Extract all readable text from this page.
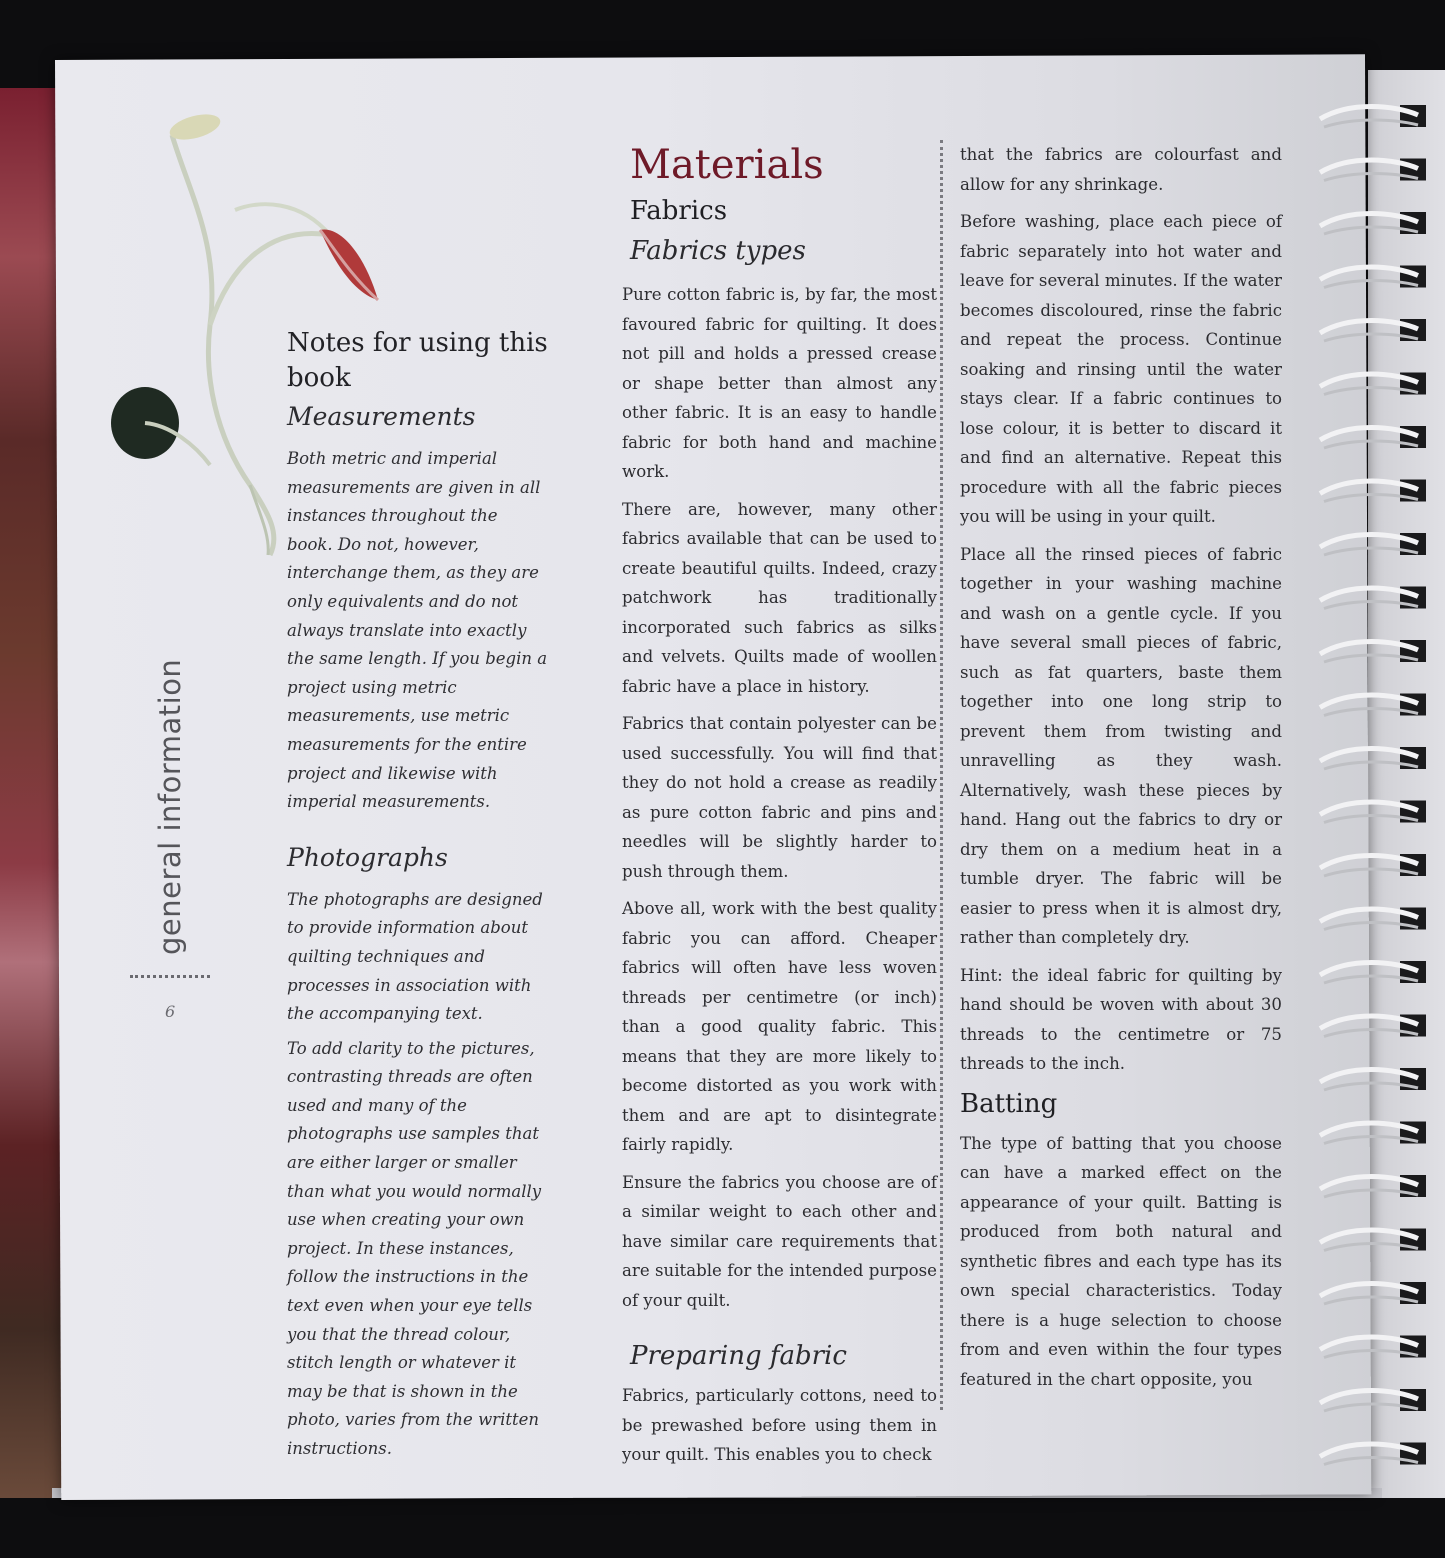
general information
6
Notes for using this book
Measurements

Both metric and imperial measurements are given in all instances throughout the book. Do not, however, interchange them, as they are only equivalents and do not always translate into exactly the same length. If you begin a project using metric measurements, use metric measurements for the entire project and likewise with imperial measurements.

Photographs

The photographs are designed to provide information about quilting techniques and processes in association with the accompanying text.

To add clarity to the pictures, contrasting threads are often used and many of the photographs use samples that are either larger or smaller than what you would normally use when creating your own project. In these instances, follow the instructions in the text even when your eye tells you that the thread colour, stitch length or whatever it may be that is shown in the photo, varies from the written instructions.

Materials
Fabrics
Fabrics types

Pure cotton fabric is, by far, the most favoured fabric for quilting. It does not pill and holds a pressed crease or shape better than almost any other fabric. It is an easy to handle fabric for both hand and machine work.

There are, however, many other fabrics available that can be used to create beautiful quilts. Indeed, crazy patchwork has traditionally incorporated such fabrics as silks and velvets. Quilts made of woollen fabric have a place in history.

Fabrics that contain polyester can be used successfully. You will find that they do not hold a crease as readily as pure cotton fabric and pins and needles will be slightly harder to push through them.

Above all, work with the best quality fabric you can afford. Cheaper fabrics will often have less woven threads per centimetre (or inch) than a good quality fabric. This means that they are more likely to become distorted as you work with them and are apt to disintegrate fairly rapidly.

Ensure the fabrics you choose are of a similar weight to each other and have similar care requirements that are suitable for the intended purpose of your quilt.

Preparing fabric

Fabrics, particularly cottons, need to be prewashed before using them in your quilt. This enables you to check

that the fabrics are colourfast and allow for any shrinkage.

Before washing, place each piece of fabric separately into hot water and leave for several minutes. If the water becomes discoloured, rinse the fabric and repeat the process. Continue soaking and rinsing until the water stays clear. If a fabric continues to lose colour, it is better to discard it and find an alternative. Repeat this procedure with all the fabric pieces you will be using in your quilt.

Place all the rinsed pieces of fabric together in your washing machine and wash on a gentle cycle. If you have several small pieces of fabric, such as fat quarters, baste them together into one long strip to prevent them from twisting and unravelling as they wash. Alternatively, wash these pieces by hand. Hang out the fabrics to dry or dry them on a medium heat in a tumble dryer. The fabric will be easier to press when it is almost dry, rather than completely dry.

Hint: the ideal fabric for quilting by hand should be woven with about 30 threads to the centimetre or 75 threads to the inch.

Batting

The type of batting that you choose can have a marked effect on the appearance of your quilt. Batting is produced from both natural and synthetic fibres and each type has its own special characteristics. Today there is a huge selection to choose from and even within the four types featured in the chart opposite, you
